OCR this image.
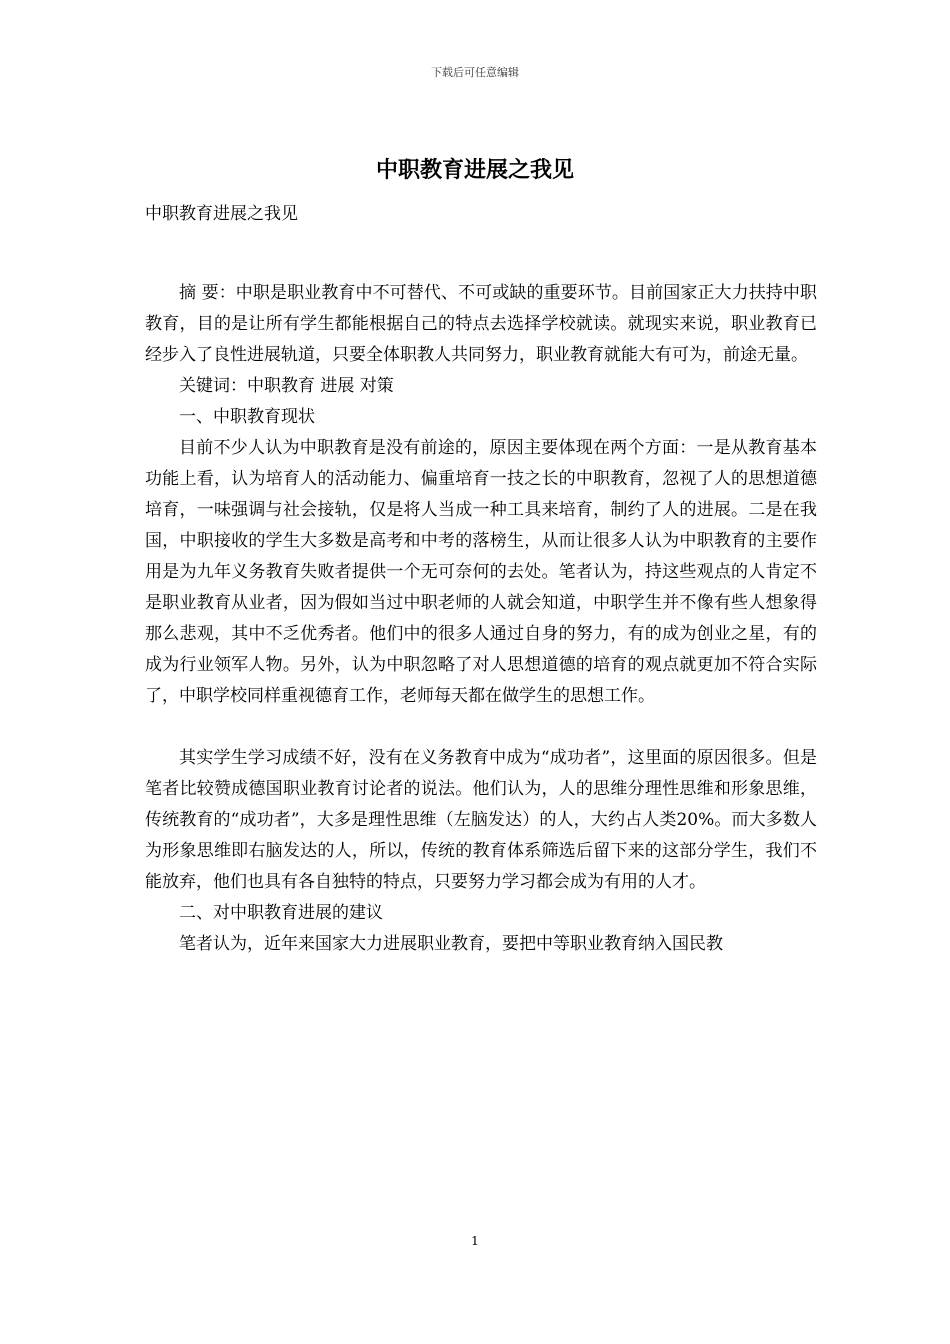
下载后可任意编辑
中职教育进展之我见
中职教育进展之我见

摘 要：中职是职业教育中不可替代、不可或缺的重要环节。目前国家正大力扶持中职教育，目的是让所有学生都能根据自己的特点去选择学校就读。就现实来说，职业教育已经步入了良性进展轨道，只要全体职教人共同努力，职业教育就能大有可为，前途无量。

关键词：中职教育 进展 对策

一、中职教育现状

目前不少人认为中职教育是没有前途的，原因主要体现在两个方面：一是从教育基本功能上看，认为培育人的活动能力、偏重培育一技之长的中职教育，忽视了人的思想道德培育，一味强调与社会接轨，仅是将人当成一种工具来培育，制约了人的进展。二是在我国，中职接收的学生大多数是高考和中考的落榜生，从而让很多人认为中职教育的主要作用是为九年义务教育失败者提供一个无可奈何的去处。笔者认为，持这些观点的人肯定不是职业教育从业者，因为假如当过中职老师的人就会知道，中职学生并不像有些人想象得那么悲观，其中不乏优秀者。他们中的很多人通过自身的努力，有的成为创业之星，有的成为行业领军人物。另外，认为中职忽略了对人思想道德的培育的观点就更加不符合实际了，中职学校同样重视德育工作，老师每天都在做学生的思想工作。

其实学生学习成绩不好，没有在义务教育中成为“成功者”，这里面的原因很多。但是笔者比较赞成德国职业教育讨论者的说法。他们认为，人的思维分理性思维和形象思维，传统教育的“成功者”，大多是理性思维（左脑发达）的人，大约占人类20%。而大多数人为形象思维即右脑发达的人，所以，传统的教育体系筛选后留下来的这部分学生，我们不能放弃，他们也具有各自独特的特点，只要努力学习都会成为有用的人才。

二、对中职教育进展的建议

笔者认为，近年来国家大力进展职业教育，要把中等职业教育纳入国民教

1
